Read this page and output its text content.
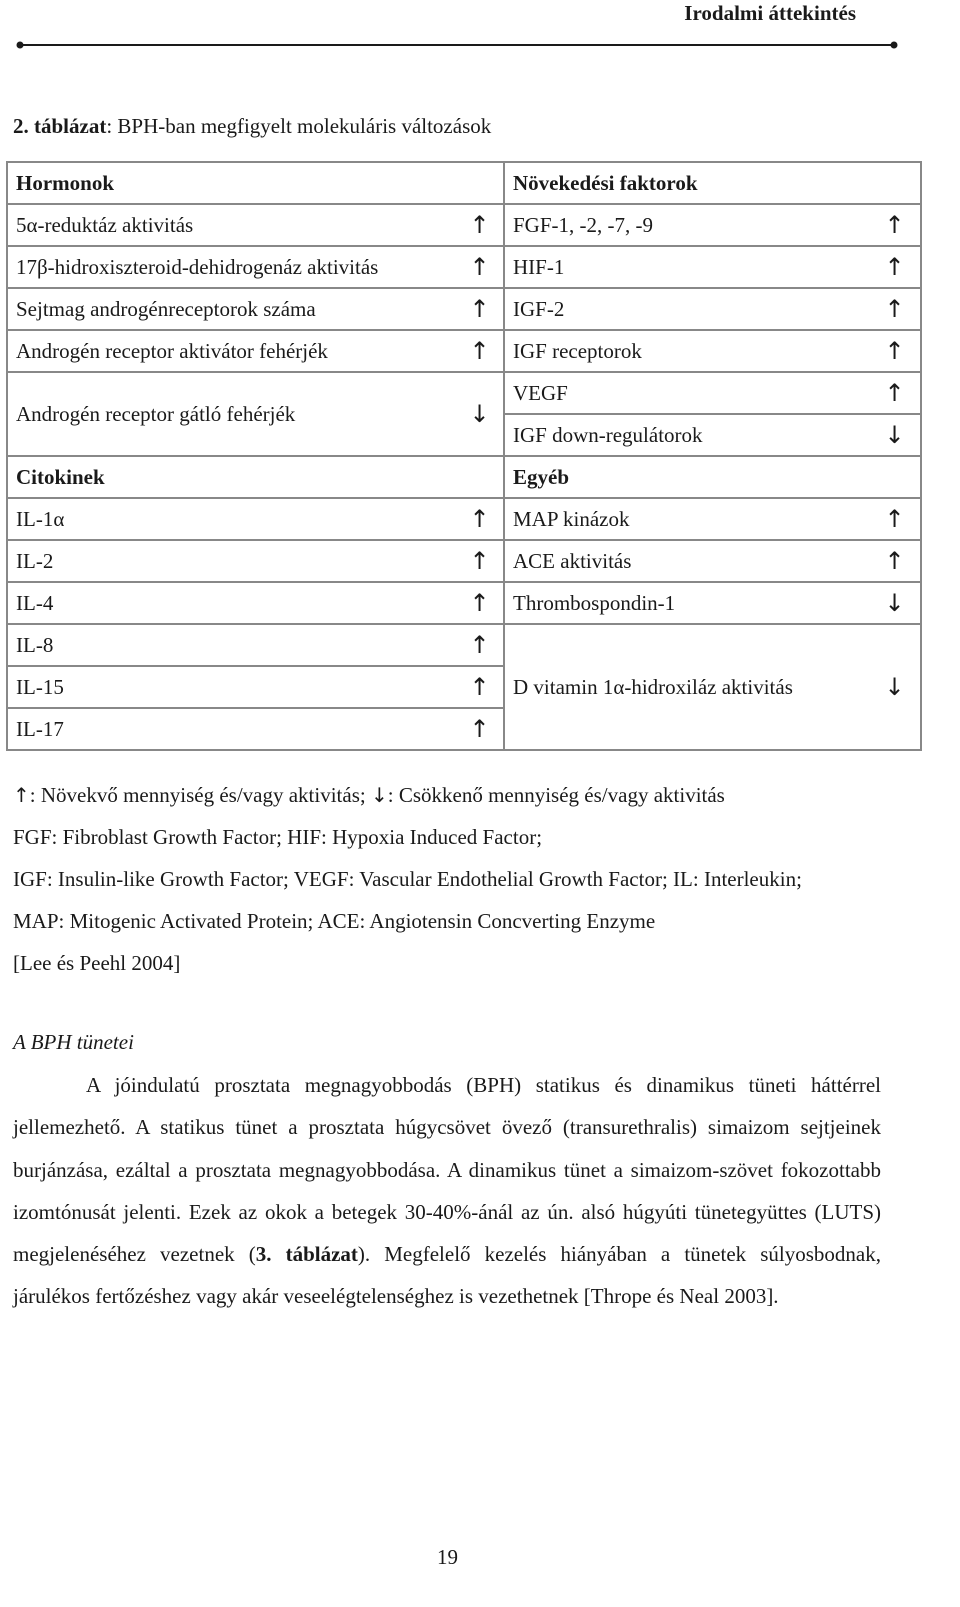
Irodalmi áttekintés
2. táblázat: BPH-ban megfigyelt molekuláris változások
Hormonok		Növekedési faktorok	
5α-reduktáz aktivitás	↑	FGF-1, -2, -7, -9	↑
17β-hidroxiszteroid-dehidrogenáz aktivitás	↑	HIF-1	↑
Sejtmag androgénreceptorok száma	↑	IGF-2	↑
Androgén receptor aktivátor fehérjék	↑	IGF receptorok	↑
Androgén receptor gátló fehérjék	↓	VEGF	↑
		IGF down-regulátorok	↓
Citokinek		Egyéb	
IL-1α	↑	MAP kinázok	↑
IL-2	↑	ACE aktivitás	↑
IL-4	↑	Thrombospondin-1	↓
IL-8	↑	D vitamin 1α-hidroxiláz aktivitás	↓
IL-15	↑		
IL-17	↑		
↑: Növekvő mennyiség és/vagy aktivitás; ↓: Csökkenő mennyiség és/vagy aktivitás
FGF: Fibroblast Growth Factor; HIF: Hypoxia Induced Factor;
IGF: Insulin-like Growth Factor; VEGF: Vascular Endothelial Growth Factor; IL: Interleukin;
MAP: Mitogenic Activated Protein; ACE: Angiotensin Concverting Enzyme
[Lee és Peehl 2004]
A BPH tünetei
A jóindulatú prosztata megnagyobbodás (BPH) statikus és dinamikus tüneti háttérrel jellemezhető. A statikus tünet a prosztata húgycsövet övező (transurethralis) simaizom sejtjeinek burjánzása, ezáltal a prosztata megnagyobbodása. A dinamikus tünet a simaizom-szövet fokozottabb izomtónusát jelenti. Ezek az okok a betegek 30-40%-ánál az ún. alsó húgyúti tünetegyüttes (LUTS) megjelenéséhez vezetnek (3. táblázat). Megfelelő kezelés hiányában a tünetek súlyosbodnak, járulékos fertőzéshez vagy akár veseelégtelenséghez is vezethetnek [Thrope és Neal 2003].
19
